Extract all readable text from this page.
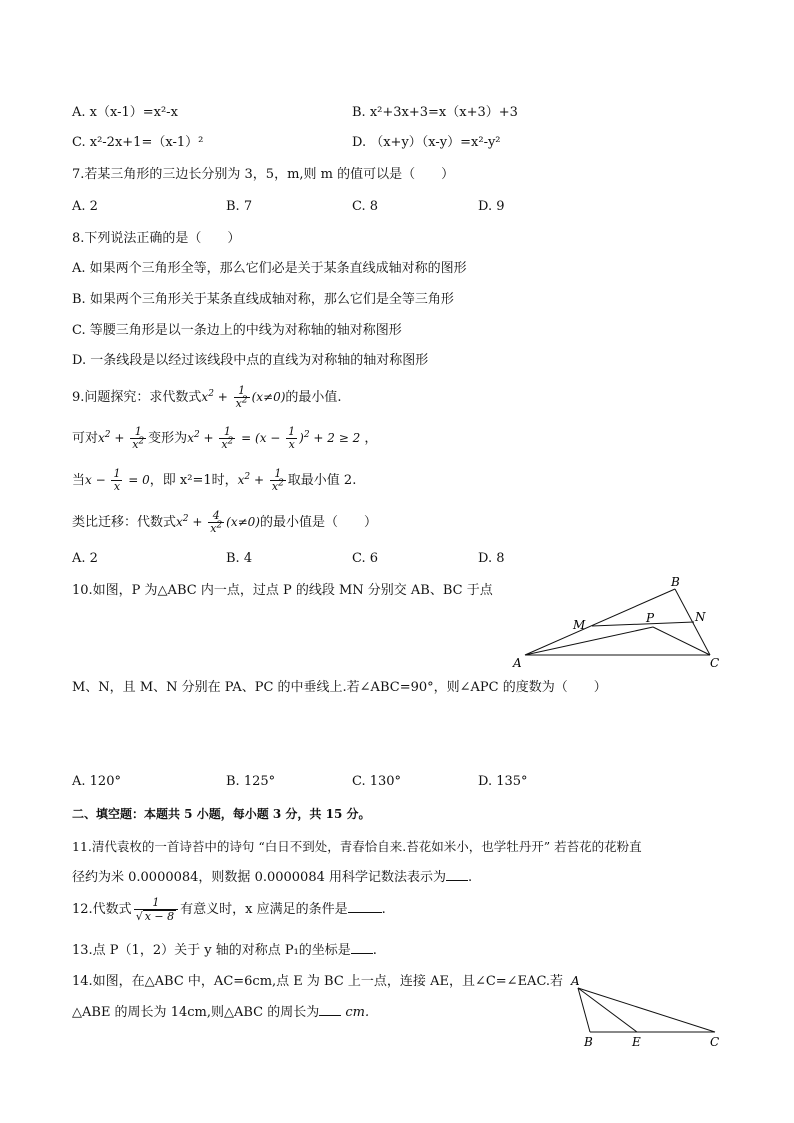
A. x（x-1）=x²-x	B. x²+3x+3=x（x+3）+3
C. x²-2x+1=（x-1）²	D. （x+y）（x-y）=x²-y²
7.若某三角形的三边长分别为 3，5，m,则 m 的值可以是（　　）
A. 2	B. 7	C. 8	D. 9
8.下列说法正确的是（　　）
A. 如果两个三角形全等，那么它们必是关于某条直线成轴对称的图形
B. 如果两个三角形关于某条直线成轴对称，那么它们是全等三角形
C. 等腰三角形是以一条边上的中线为对称轴的轴对称图形
D. 一条线段是以经过该线段中点的直线为对称轴的轴对称图形
9.问题探究：求代数式$x^2 + \frac{1}{x^2} (x\ne 0)$的最小值.
可对$x^2 + \frac{1}{x^2}$ 变形为$x^2 + \frac{1}{x^2} = (x - \frac{1}{x} )^2 + 2 \ge 2$ ，
当$x - \frac{1}{x} = 0$，即 x²=1时，$x^2 + \frac{1}{x^2}$ 取最小值 2.
类比迁移：代数式$x^2 + \frac{4}{x^2} (x\ne 0)$的最小值是（　　）
A. 2	B. 4	C. 6	D. 8
10.如图，P 为△ABC 内一点，过点 P 的线段 MN 分别交 AB、BC 于点
A
B
C
M
N
P
M、N，且 M、N 分别在 PA、PC 的中垂线上.若∠ABC=90°，则∠APC 的度数为（　　）
A. 120°	B. 125°	C. 130°	D. 135°
二、填空题：本题共 5 小题，每小题 3 分，共 15 分。
11.清代袁枚的一首诗苔中的诗句 “白日不到处，青春恰自来.苔花如米小，也学牡丹开” 若苔花的花粉直
径约为米 0.0000084，则数据 0.0000084 用科学记数法表示为 .
12.代数式 $\frac{1}{√ x - 8}$ 有意义时，x 应满足的条件是	.
13.点 P（1，2）关于 y 轴的对称点 P₁的坐标是 .
14.如图，在△ABC 中，AC=6cm,点 E 为 BC 上一点，连接 AE，且∠C=∠EAC.若
△ABE 的周长为 14cm,则△ABC 的周长为 cm.
A
B	E	C
